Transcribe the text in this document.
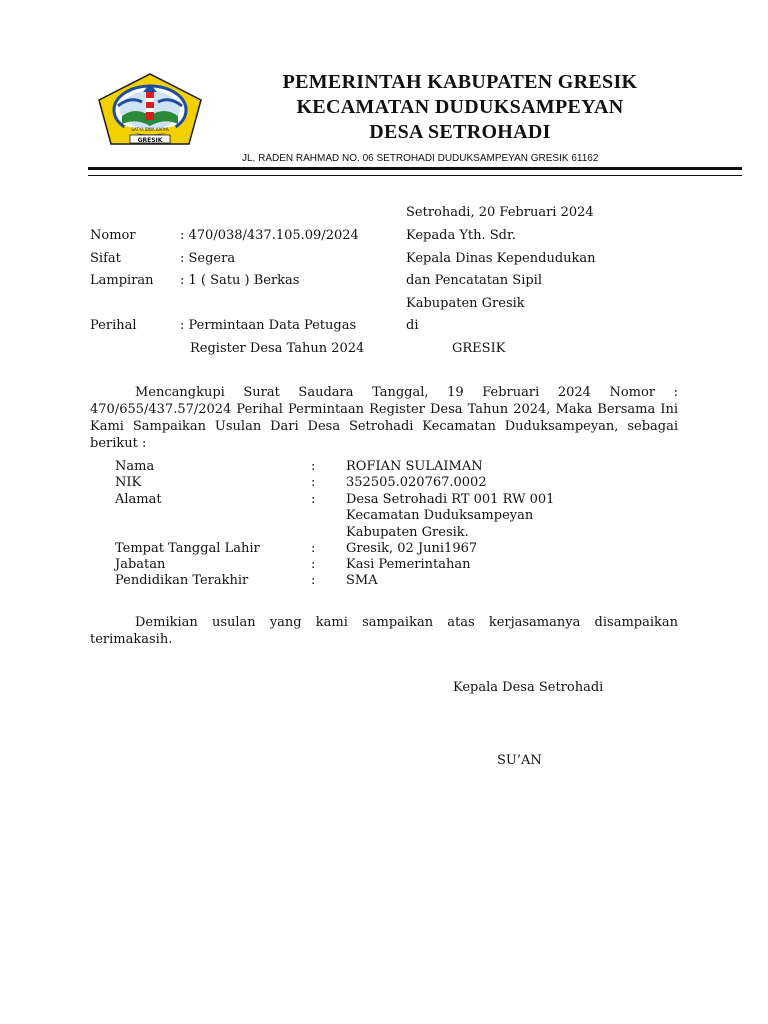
SATYA BINA KARYA
GRESIK
PEMERINTAH KABUPATEN GRESIK
KECAMATAN DUDUKSAMPEYAN
DESA SETROHADI
JL. RADEN RAHMAD NO. 06 SETROHADI DUDUKSAMPEYAN GRESIK 61162
Setrohadi, 20 Februari 2024
Nomor	: 470/038/437.105.09/2024
Sifat	: Segera
Lampiran : 1 ( Satu ) Berkas
Perihal	: Permintaan Data Petugas
Register Desa Tahun 2024
Kepada Yth. Sdr.
Kepala Dinas Kependudukan
dan Pencatatan Sipil
Kabupaten Gresik
di
GRESIK

Mencangkupi Surat Saudara Tanggal, 19 Februari 2024 Nomor : 470/655/437.57/2024 Perihal Permintaan Register Desa Tahun 2024, Maka Bersama Ini Kami Sampaikan Usulan Dari Desa Setrohadi Kecamatan Duduksampeyan, sebagai berikut :

Nama	: ROFIAN SULAIMAN
NIK	: 352505.020767.0002
Alamat	: Desa Setrohadi RT 001 RW 001
Kecamatan Duduksampeyan
Kabupaten Gresik.
Tempat Tanggal Lahir	: Gresik, 02 Juni1967
Jabatan	: Kasi Pemerintahan
Pendidikan Terakhir	: SMA

Demikian usulan yang kami sampaikan atas kerjasamanya disampaikan terimakasih.

Kepala Desa Setrohadi
SU’AN
